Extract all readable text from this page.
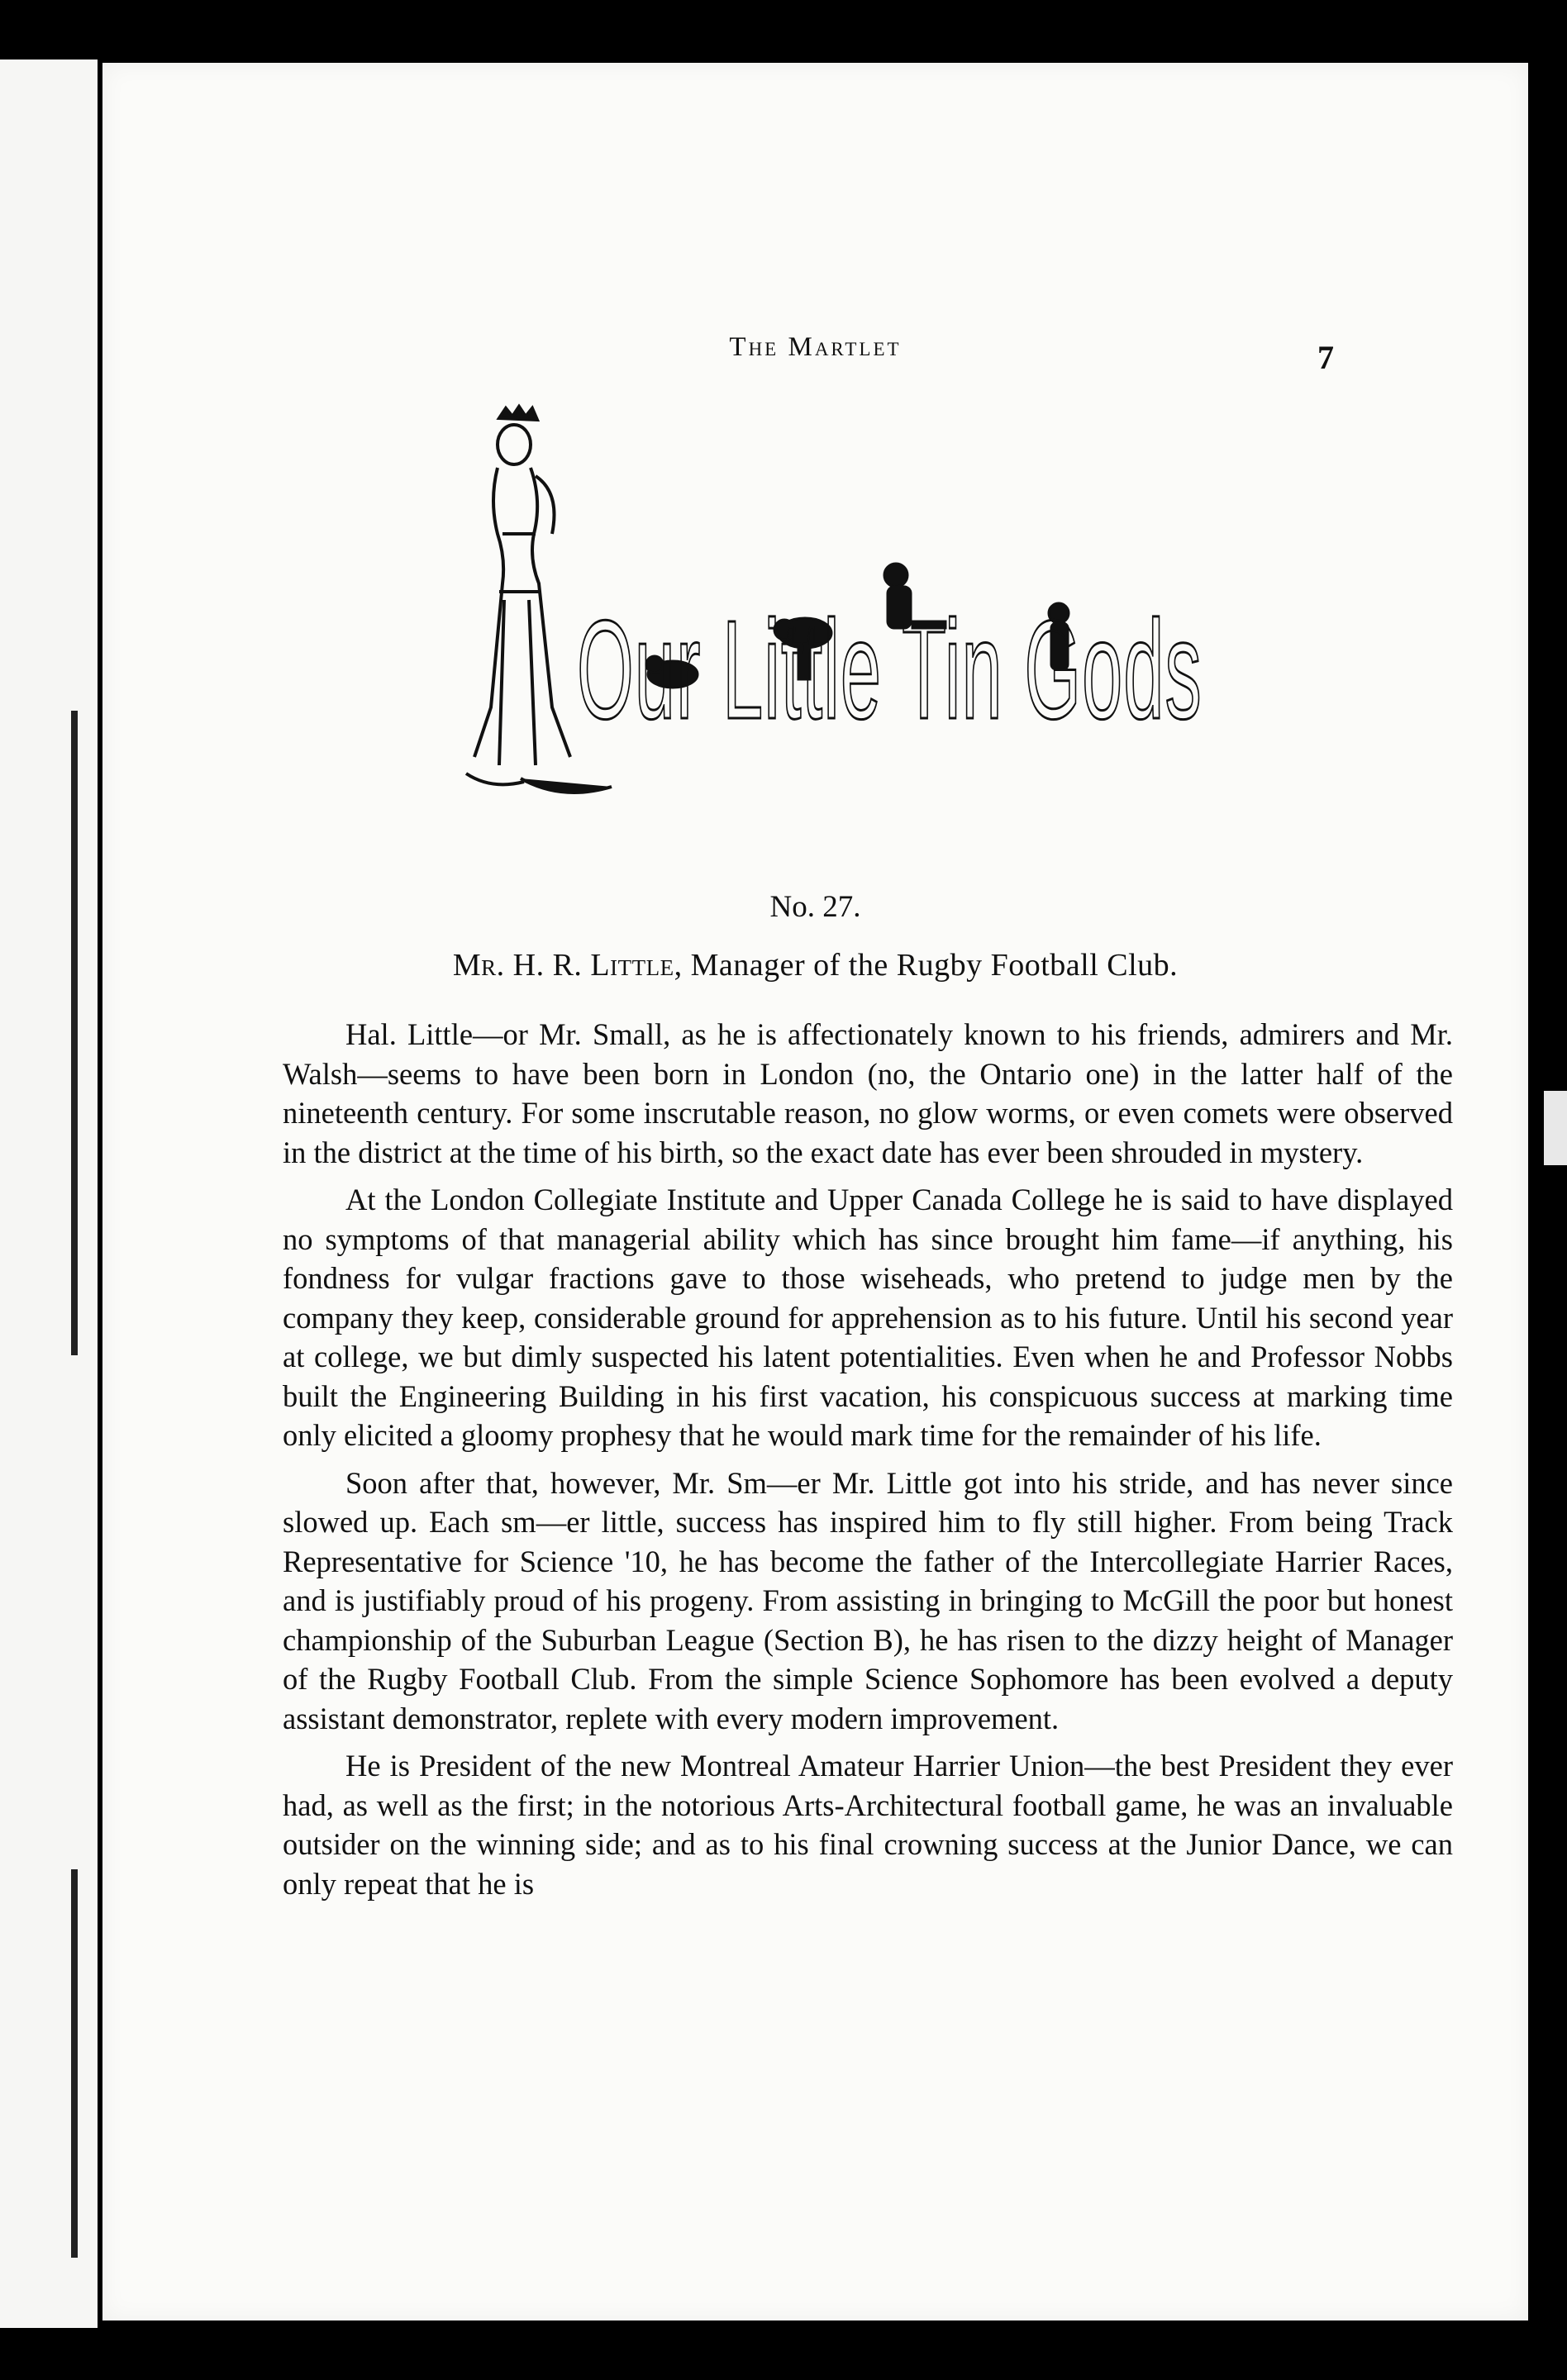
The Martlet	7
Our Little Tin Gods
No. 27.
Mr. H. R. Little, Manager of the Rugby Football Club.

Hal. Little—or Mr. Small, as he is affectionately known to his friends, admirers and Mr. Walsh—seems to have been born in London (no, the Ontario one) in the latter half of the nineteenth century. For some inscrutable reason, no glow worms, or even comets were observed in the district at the time of his birth, so the exact date has ever been shrouded in mystery.

At the London Collegiate Institute and Upper Canada College he is said to have displayed no symptoms of that managerial ability which has since brought him fame—if anything, his fondness for vulgar fractions gave to those wiseheads, who pretend to judge men by the company they keep, considerable ground for apprehension as to his future. Until his second year at college, we but dimly suspected his latent potentialities. Even when he and Professor Nobbs built the Engineering Building in his first vacation, his conspicuous success at marking time only elicited a gloomy prophesy that he would mark time for the remainder of his life.

Soon after that, however, Mr. Sm—er Mr. Little got into his stride, and has never since slowed up. Each sm—er little, success has inspired him to fly still higher. From being Track Representative for Science '10, he has become the father of the Intercollegiate Harrier Races, and is justifiably proud of his progeny. From assisting in bringing to McGill the poor but honest championship of the Suburban League (Section B), he has risen to the dizzy height of Manager of the Rugby Football Club. From the simple Science Sophomore has been evolved a deputy assistant demonstrator, replete with every modern improvement.

He is President of the new Montreal Amateur Harrier Union—the best President they ever had, as well as the first; in the notorious Arts-Architectural football game, he was an invaluable outsider on the winning side; and as to his final crowning success at the Junior Dance, we can only repeat that he is
